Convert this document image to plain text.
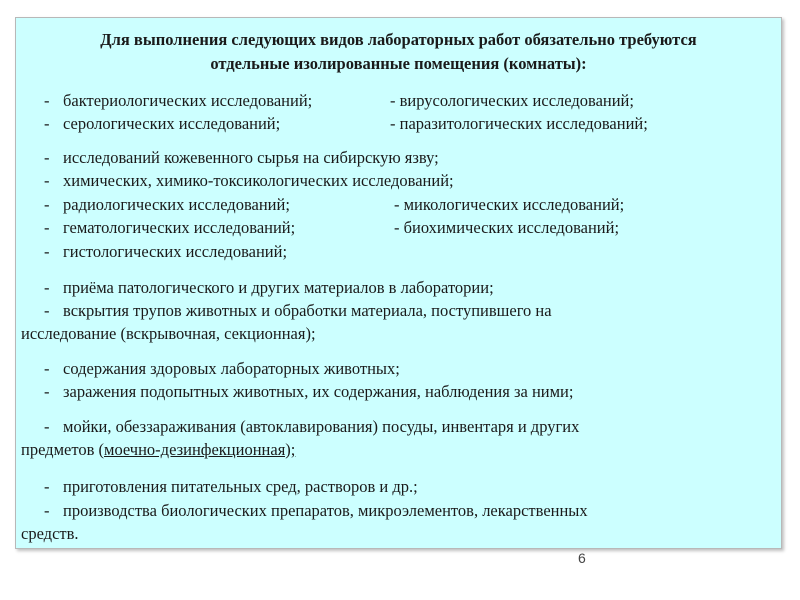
Для выполнения следующих видов лабораторных работ обязательно требуются
отдельные изолированные помещения (комнаты):
- бактериологических исследований;	- вирусологических исследований;
- серологических исследований;	- паразитологических исследований;
- исследований кожевенного сырья на сибирскую язву;
- химических, химико-токсикологических исследований;
- радиологических исследований;	- микологических исследований;
- гематологических исследований;	- биохимических исследований;
- гистологических исследований;
- приёма патологического и других материалов в лаборатории;
- вскрытия трупов животных и обработки материала, поступившего на
исследование (вскрывочная, секционная);
- содержания здоровых лабораторных животных;
- заражения подопытных животных, их содержания, наблюдения за ними;
- мойки, обеззараживания (автоклавирования) посуды, инвентаря и других
предметов (моечно-дезинфекционная);
- приготовления питательных сред, растворов и др.;
- производства биологических препаратов, микроэлементов, лекарственных
средств.
6
